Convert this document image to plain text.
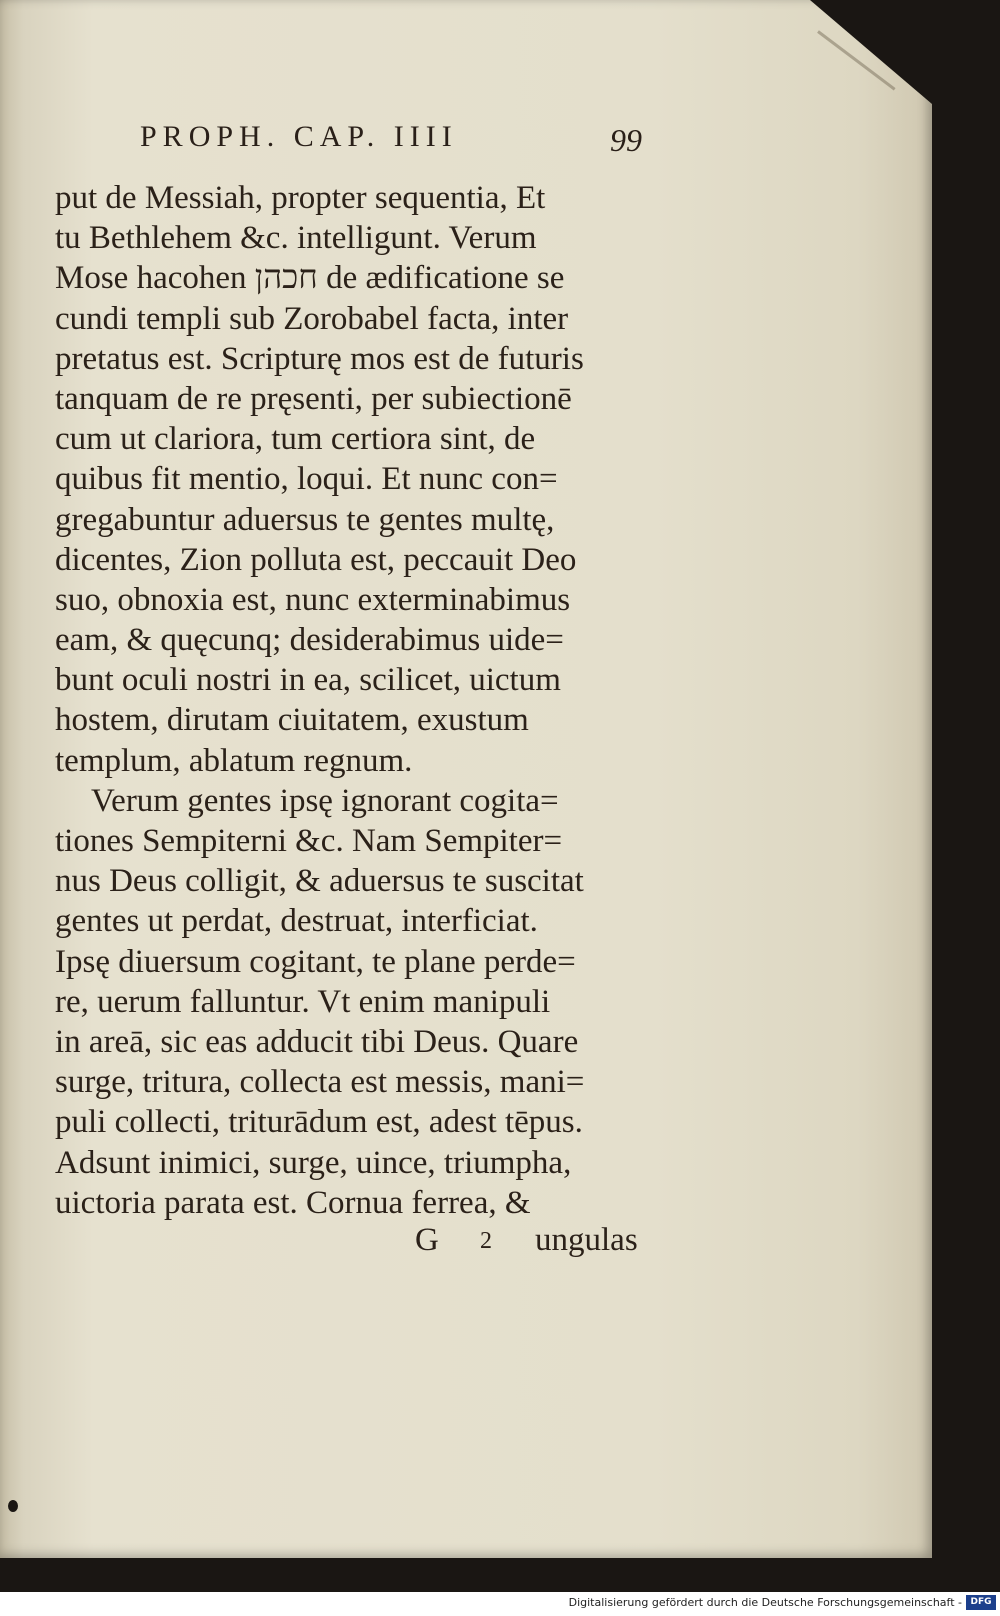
PROPH. CAP. IIII	99
put de Messiah, propter sequentia, Et
tu Bethlehem &c. intelligunt. Verum
Mose hacohen חכהן de ædificatione se
cundi templi sub Zorobabel facta, inter
pretatus est. Scripturę mos est de futuris
tanquam de re pręsenti, per subiectionē
cum ut clariora, tum certiora sint, de
quibus fit mentio, loqui. Et nunc con=
gregabuntur aduersus te gentes multę,
dicentes, Zion polluta est, peccauit Deo
suo, obnoxia est, nunc exterminabimus
eam, & quęcunq; desiderabimus uide=
bunt oculi nostri in ea, scilicet, uictum
hostem, dirutam ciuitatem, exustum
templum, ablatum regnum.
Verum gentes ipsę ignorant cogita=
tiones Sempiterni &c. Nam Sempiter=
nus Deus colligit, & aduersus te suscitat
gentes ut perdat, destruat, interficiat.
Ipsę diuersum cogitant, te plane perde=
re, uerum falluntur. Vt enim manipuli
in areā, sic eas adducit tibi Deus. Quare
surge, tritura, collecta est messis, mani=
puli collecti, triturādum est, adest tēpus.
Adsunt inimici, surge, uince, triumpha,
uictoria parata est. Cornua ferrea, &
G 2 ungulas
Digitalisierung gefördert durch die Deutsche Forschungsgemeinschaft - DFG
